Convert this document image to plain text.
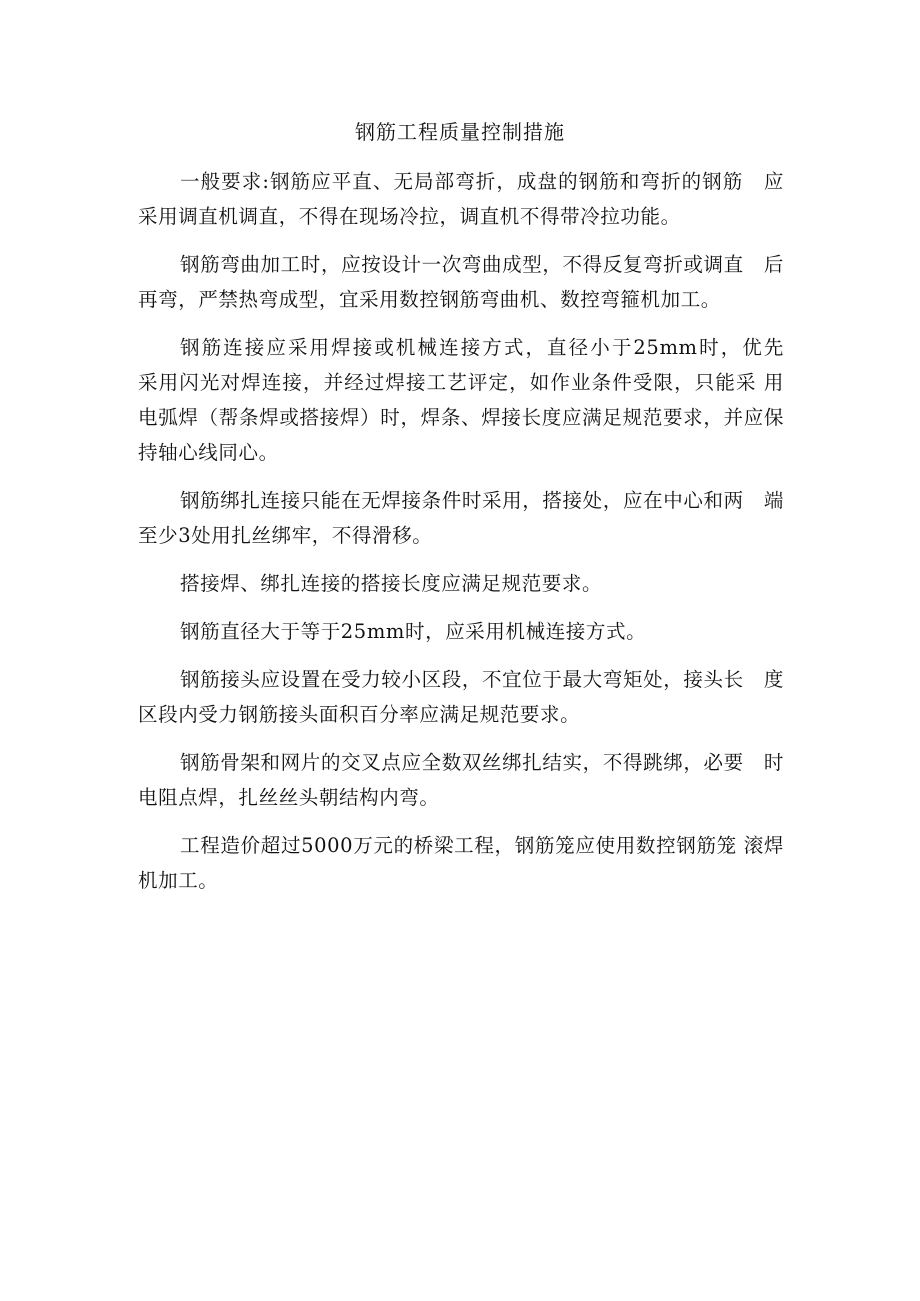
钢筋工程质量控制措施

一般要求:钢筋应平直、无局部弯折，成盘的钢筋和弯折的钢筋　应采用调直机调直，不得在现场冷拉，调直机不得带冷拉功能。

钢筋弯曲加工时，应按设计一次弯曲成型，不得反复弯折或调直　后再弯，严禁热弯成型，宜采用数控钢筋弯曲机、数控弯箍机加工。

钢筋连接应采用焊接或机械连接方式，直径小于25mm时，优先　采用闪光对焊连接，并经过焊接工艺评定，如作业条件受限，只能采 用电弧焊（帮条焊或搭接焊）时，焊条、焊接长度应满足规范要求，并应保持轴心线同心。

钢筋绑扎连接只能在无焊接条件时采用，搭接处，应在中心和两　端至少3处用扎丝绑牢，不得滑移。

搭接焊、绑扎连接的搭接长度应满足规范要求。

钢筋直径大于等于25mm时，应采用机械连接方式。

钢筋接头应设置在受力较小区段，不宜位于最大弯矩处，接头长　度区段内受力钢筋接头面积百分率应满足规范要求。

钢筋骨架和网片的交叉点应全数双丝绑扎结实，不得跳绑，必要　时电阻点焊，扎丝丝头朝结构内弯。

工程造价超过5000万元的桥梁工程，钢筋笼应使用数控钢筋笼 滚焊机加工。
